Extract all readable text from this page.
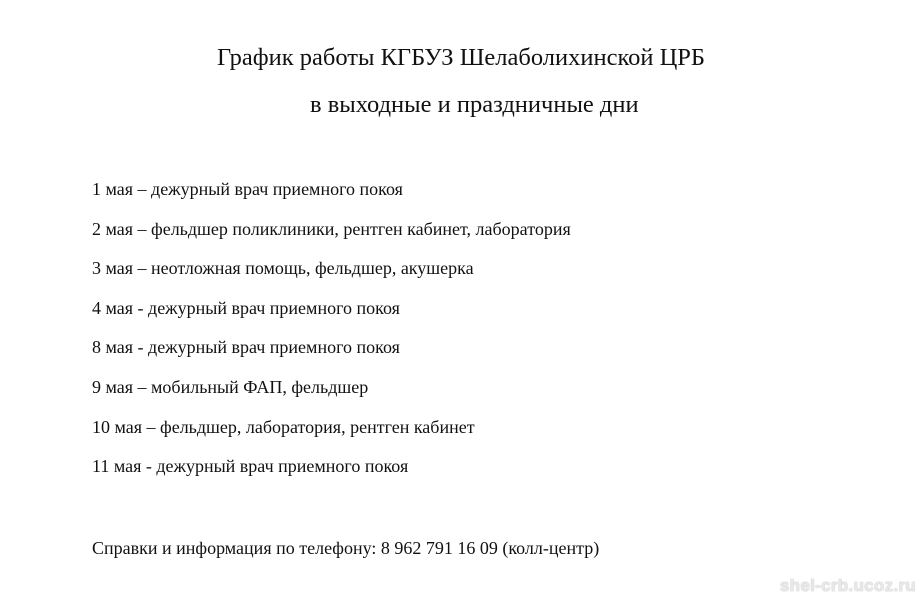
График работы КГБУЗ Шелаболихинской ЦРБ
в выходные и праздничные дни
1 мая – дежурный врач приемного покоя
2 мая – фельдшер поликлиники, рентген кабинет, лаборатория
3 мая – неотложная помощь, фельдшер, акушерка
4 мая - дежурный врач приемного покоя
8 мая - дежурный врач приемного покоя
9 мая – мобильный ФАП, фельдшер
10 мая – фельдшер, лаборатория, рентген кабинет
11 мая - дежурный врач приемного покоя
Справки и информация по телефону: 8 962 791 16 09 (колл-центр)
shel-crb.ucoz.ru
